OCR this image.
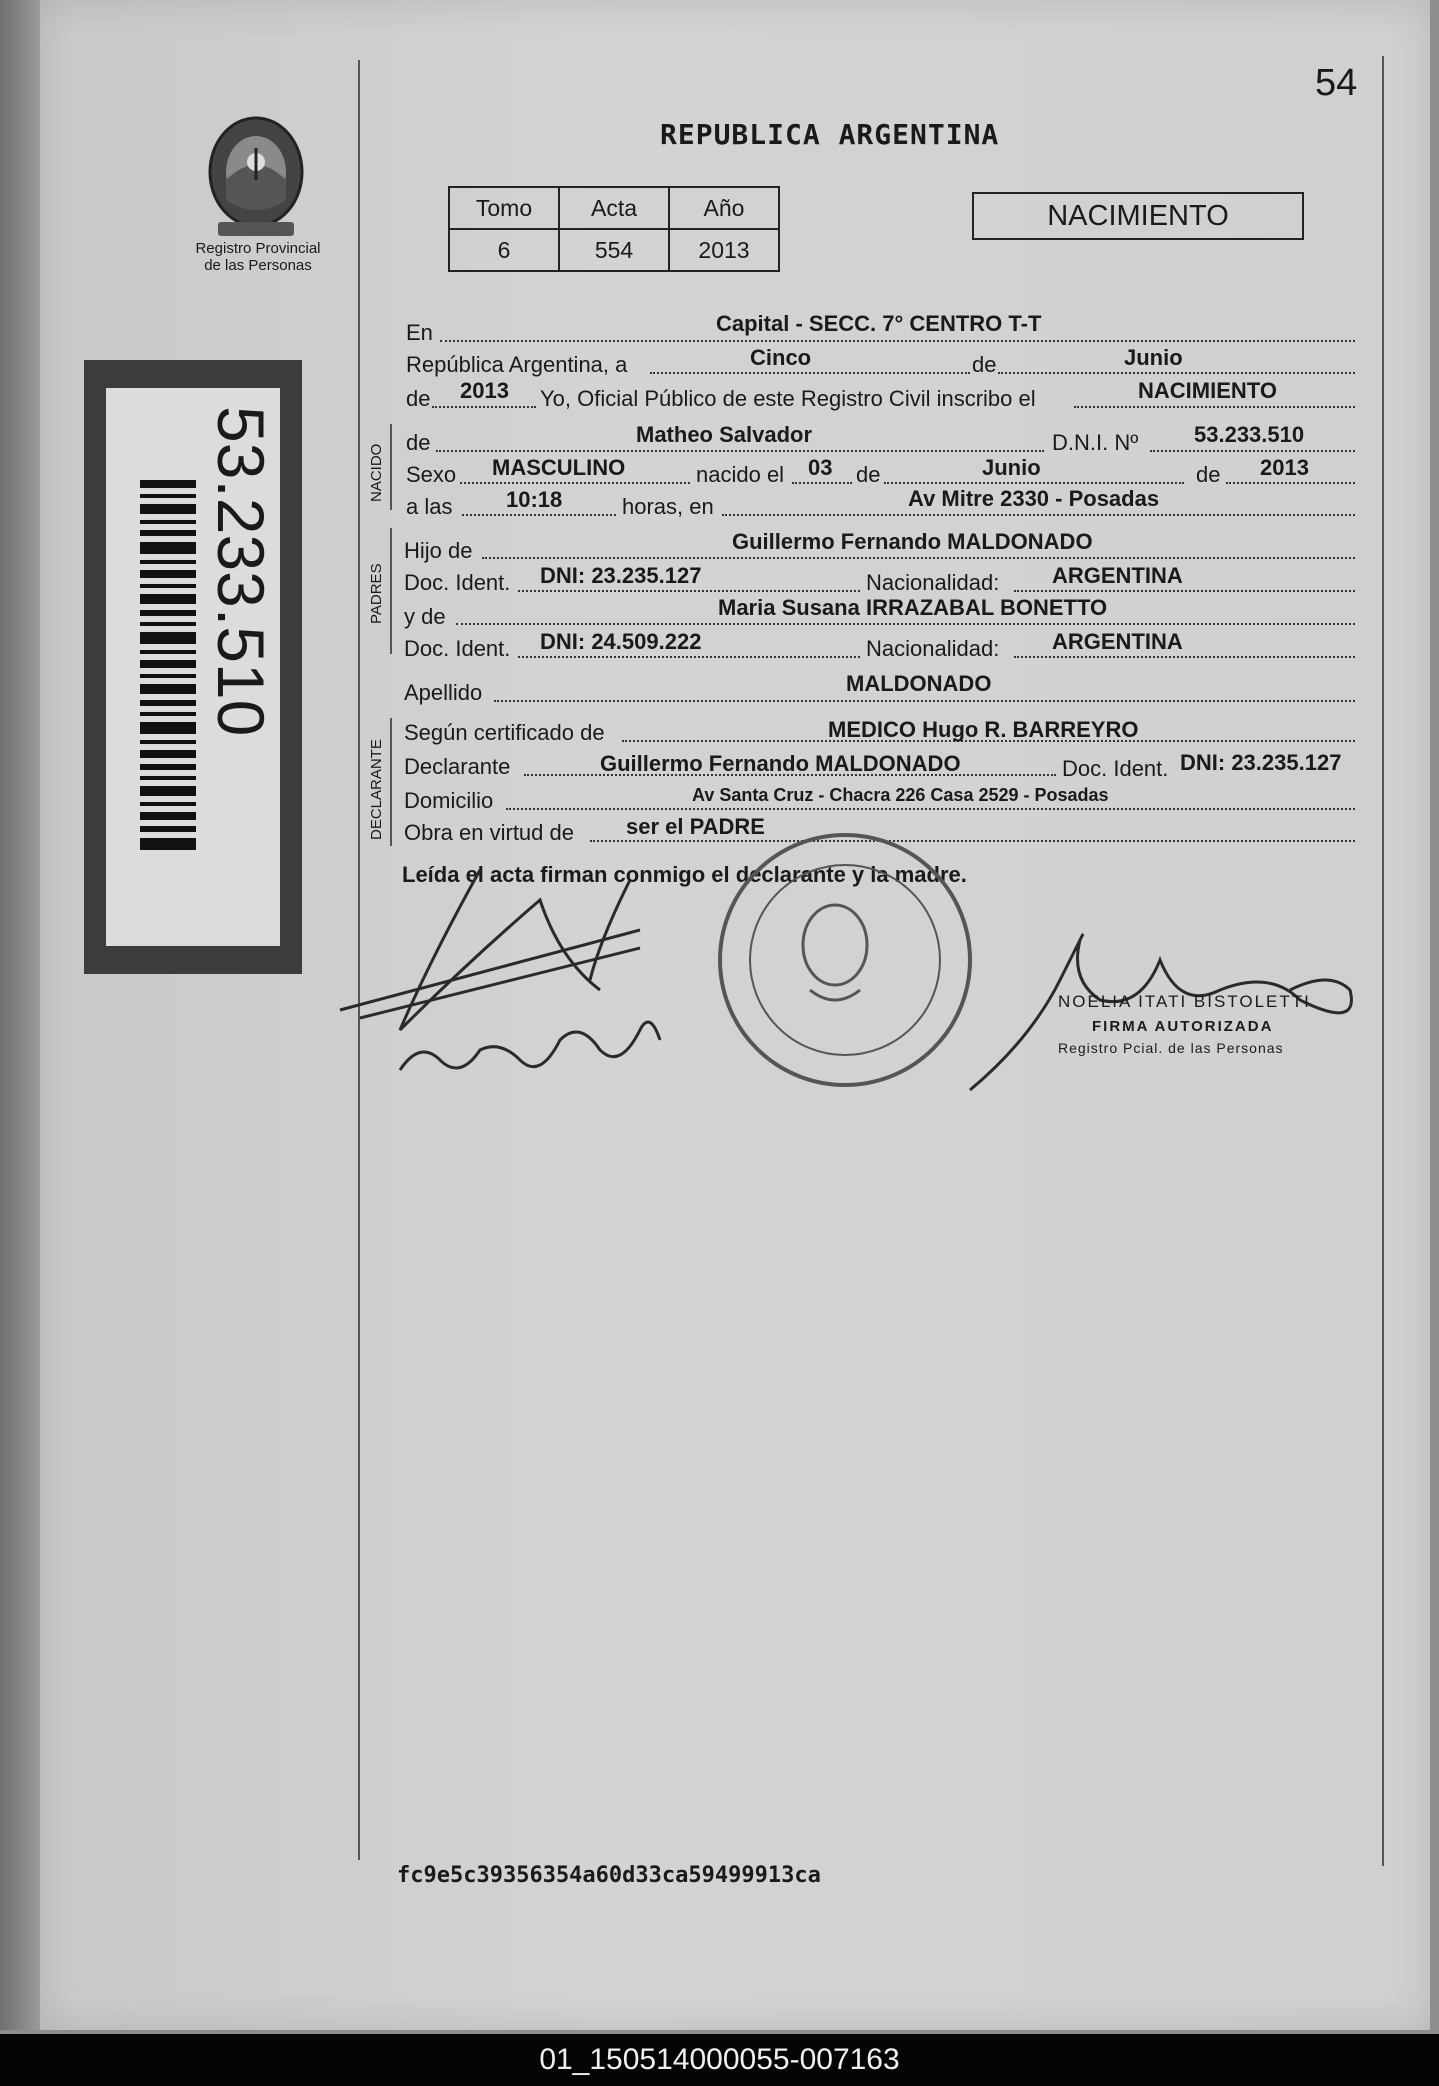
54
REPUBLICA ARGENTINA
Registro Provincial
de las Personas
Tomo	Acta	Año
6	554	2013
NACIMIENTO
53.233.510
En	Capital - SECC. 7° CENTRO T-T
República Argentina, a	Cinco	de	Junio
de 2013 Yo, Oficial Público de este Registro Civil inscribo el	NACIMIENTO
NACIDO
de	Matheo Salvador	D.N.I. Nº	53.233.510
Sexo MASCULINO	nacido el 03 de	Junio	de 2013
a las 10:18	horas, en	Av Mitre 2330 - Posadas
PADRES
Hijo de	Guillermo Fernando MALDONADO
Doc. Ident. DNI: 23.235.127	Nacionalidad: ARGENTINA
y de	Maria Susana IRRAZABAL BONETTO
Doc. Ident. DNI: 24.509.222	Nacionalidad: ARGENTINA
Apellido	MALDONADO
DECLARANTE
Según certificado de	MEDICO Hugo R. BARREYRO
Declarante	Guillermo Fernando MALDONADO	Doc. Ident. DNI: 23.235.127
Domicilio	Av Santa Cruz - Chacra 226 Casa 2529 - Posadas
Obra en virtud de ser el PADRE
Leída el acta firman conmigo el declarante y la madre.
NOELIA ITATI BISTOLETTI
FIRMA AUTORIZADA
Registro Pcial. de las Personas
fc9e5c39356354a60d33ca59499913ca
01_150514000055-007163
